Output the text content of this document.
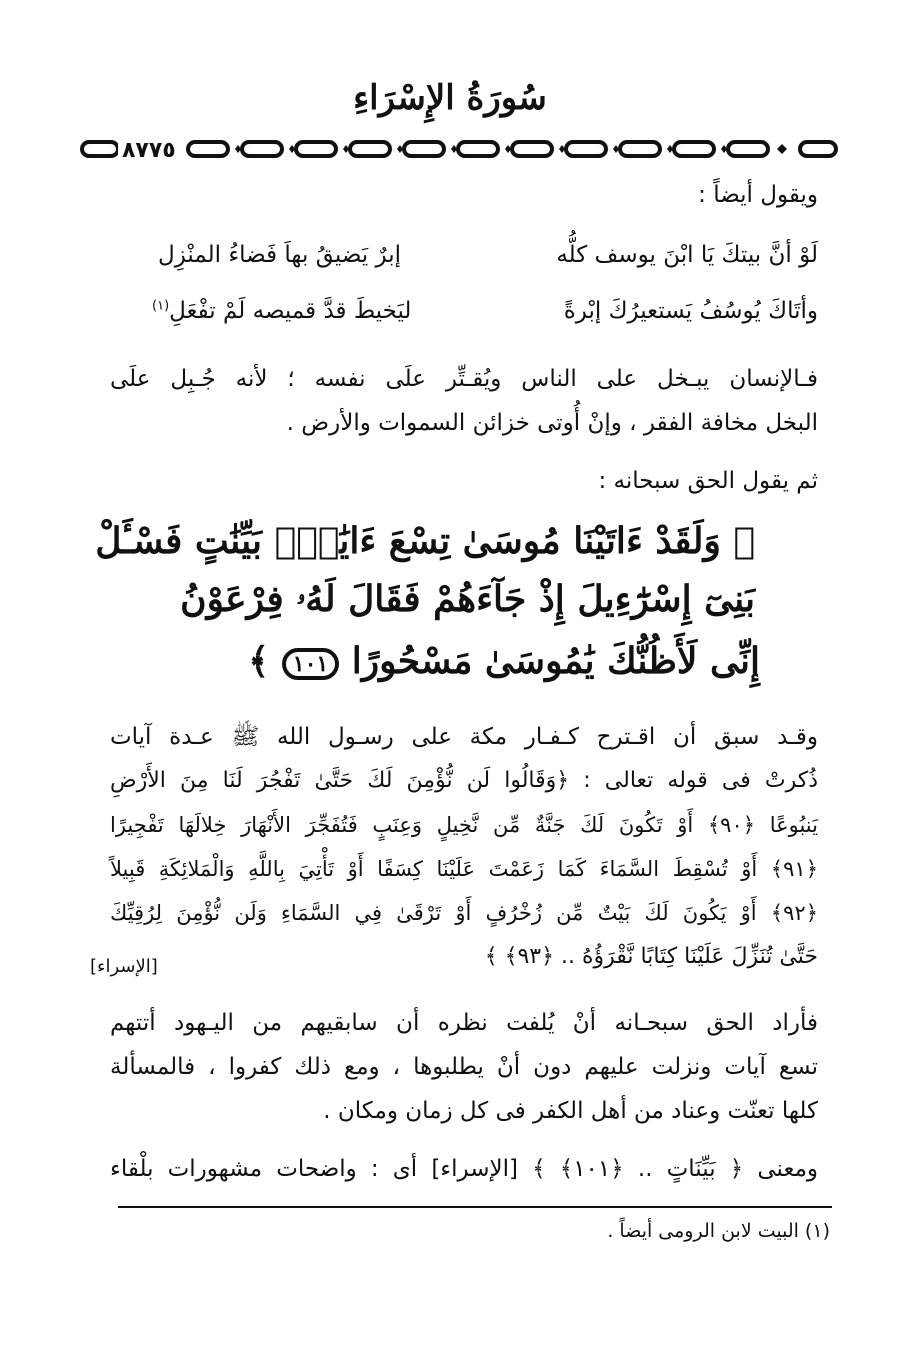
سُورَةُ الإِسْرَاءِ
٨٧٧٥
ويقول أيضاً :
لَوْ أنَّ بيتكَ يَا ابْنَ يوسف كلُّه
إبرٌ يَضيقُ بهاَ فَضاءُ المنْزِل
وأتَاكَ يُوسُفُ يَستعيرُكَ إبْرةً
ليَخيطَ قدَّ قميصه لَمْ تفْعَلِ$^{(١)}$
فـالإنسان يبـخل على الناس ويُقـتِّر علَى نفسه ؛ لأنه جُـبِل علَى
البخل مخافة الفقر ، وإنْ أُوتى خزائن السموات والأرض .
ثم يقول الحق سبحانه :
﴿ وَلَقَدْ ءَاتَيْنَا مُوسَىٰ تِسْعَ ءَايَٰتٍۭ بَيِّنَٰتٍ فَسْـَٔلْ
بَنِىٓ إِسْرَٰٓءِيلَ إِذْ جَآءَهُمْ فَقَالَ لَهُۥ فِرْعَوْنُ
إِنِّى لَأَظُنُّكَ يَٰمُوسَىٰ مَسْحُورًا ١٠١ ﴾
وقـد سبق أن اقـترح كـفـار مكة على رسـول الله ﷺ عـدة آيات
ذُكرتْ فى قوله تعالى : ﴿وَقَالُوا لَن نُّؤْمِنَ لَكَ حَتَّىٰ تَفْجُرَ لَنَا مِنَ الأَرْضِ
يَنبُوعًا ﴿٩٠﴾ أَوْ تَكُونَ لَكَ جَنَّةٌ مِّن نَّخِيلٍ وَعِنَبٍ فَتُفَجِّرَ الأَنْهَارَ خِلالَهَا تَفْجِيرًا
﴿٩١﴾ أَوْ تُسْقِطَ السَّمَاءَ كَمَا زَعَمْتَ عَلَيْنَا كِسَفًا أَوْ تَأْتِيَ بِاللَّهِ وَالْمَلائِكَةِ قَبِيلاً
﴿٩٢﴾ أَوْ يَكُونَ لَكَ بَيْتٌ مِّن زُخْرُفٍ أَوْ تَرْقَىٰ فِي السَّمَاءِ وَلَن نُّؤْمِنَ لِرُقِيِّكَ
حَتَّىٰ تُنَزِّلَ عَلَيْنَا كِتَابًا نَّقْرَؤُهُ .. ﴿٩٣﴾ ﴾
[الإسراء]
فأراد الحق سبحـانه أنْ يُلفت نظره أن سابقيهم من اليـهود أتتهم
تسع آيات ونزلت عليهم دون أنْ يطلبوها ، ومع ذلك كفروا ، فالمسألة
كلها تعنّت وعناد من أهل الكفر فى كل زمان ومكان .
ومعنى ﴿ بَيِّنَاتٍ .. ﴿١٠١﴾ ﴾ [الإسراء] أى : واضحات مشهورات بلْقاء
(١) البيت لابن الرومى أيضاً .
